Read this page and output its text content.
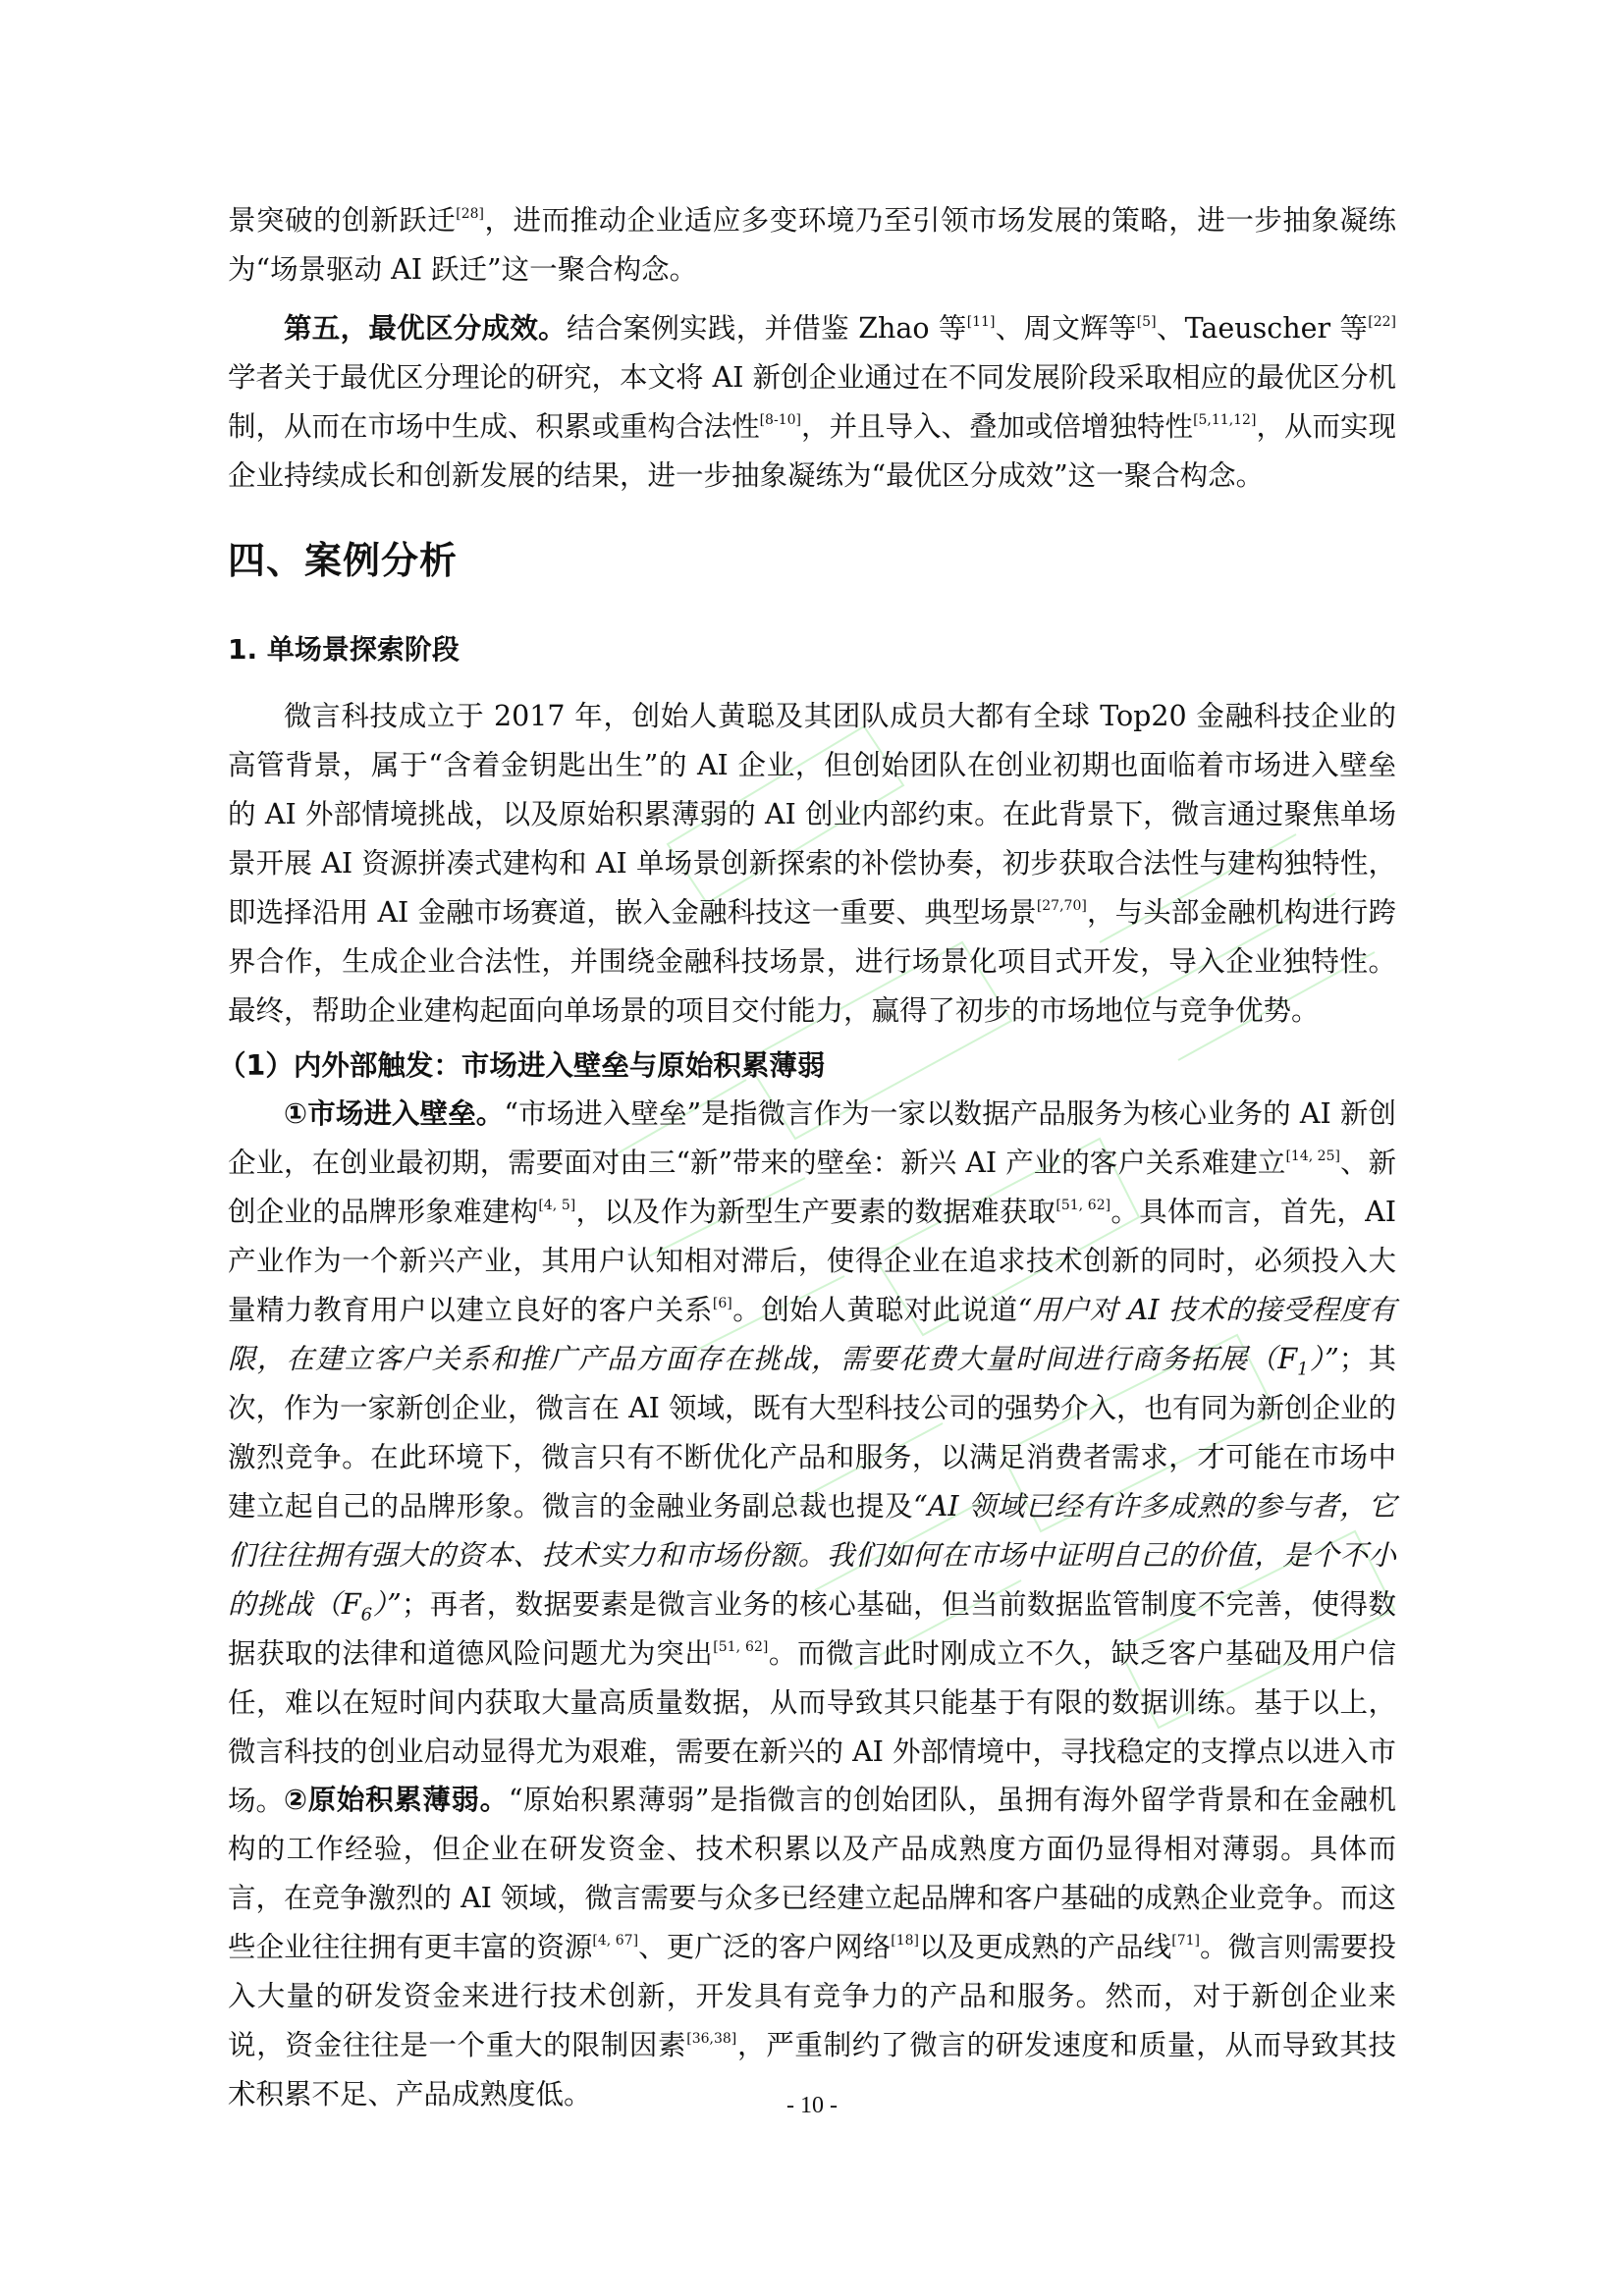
景突破的创新跃迁[28]，进而推动企业适应多变环境乃至引领市场发展的策略，进一步抽象凝练为“场景驱动 AI 跃迁”这一聚合构念。

第五，最优区分成效。结合案例实践，并借鉴 Zhao 等[11]、周文辉等[5]、Taeuscher 等[22]学者关于最优区分理论的研究，本文将 AI 新创企业通过在不同发展阶段采取相应的最优区分机制，从而在市场中生成、积累或重构合法性[8-10]，并且导入、叠加或倍增独特性[5,11,12]，从而实现企业持续成长和创新发展的结果，进一步抽象凝练为“最优区分成效”这一聚合构念。

四、案例分析
1. 单场景探索阶段

微言科技成立于 2017 年，创始人黄聪及其团队成员大都有全球 Top20 金融科技企业的高管背景，属于“含着金钥匙出生”的 AI 企业，但创始团队在创业初期也面临着市场进入壁垒的 AI 外部情境挑战，以及原始积累薄弱的 AI 创业内部约束。在此背景下，微言通过聚焦单场景开展 AI 资源拼凑式建构和 AI 单场景创新探索的补偿协奏，初步获取合法性与建构独特性，即选择沿用 AI 金融市场赛道，嵌入金融科技这一重要、典型场景[27,70]，与头部金融机构进行跨界合作，生成企业合法性，并围绕金融科技场景，进行场景化项目式开发，导入企业独特性。最终，帮助企业建构起面向单场景的项目交付能力，赢得了初步的市场地位与竞争优势。

（1）内外部触发：市场进入壁垒与原始积累薄弱

①市场进入壁垒。“市场进入壁垒”是指微言作为一家以数据产品服务为核心业务的 AI 新创企业，在创业最初期，需要面对由三“新”带来的壁垒：新兴 AI 产业的客户关系难建立[14, 25]、新创企业的品牌形象难建构[4, 5]，以及作为新型生产要素的数据难获取[51, 62]。具体而言，首先，AI 产业作为一个新兴产业，其用户认知相对滞后，使得企业在追求技术创新的同时，必须投入大量精力教育用户以建立良好的客户关系[6]。创始人黄聪对此说道“用户对 AI 技术的接受程度有限，在建立客户关系和推广产品方面存在挑战，需要花费大量时间进行商务拓展$(F_1)$”；其次，作为一家新创企业，微言在 AI 领域，既有大型科技公司的强势介入，也有同为新创企业的激烈竞争。在此环境下，微言只有不断优化产品和服务，以满足消费者需求，才可能在市场中建立起自己的品牌形象。微言的金融业务副总裁也提及“AI 领域已经有许多成熟的参与者，它们往往拥有强大的资本、技术实力和市场份额。我们如何在市场中证明自己的价值，是个不小的挑战$(F_6)$”；再者，数据要素是微言业务的核心基础，但当前数据监管制度不完善，使得数据获取的法律和道德风险问题尤为突出[51, 62]。而微言此时刚成立不久，缺乏客户基础及用户信任，难以在短时间内获取大量高质量数据，从而导致其只能基于有限的数据训练。基于以上，微言科技的创业启动显得尤为艰难，需要在新兴的 AI 外部情境中，寻找稳定的支撑点以进入市场。 ②原始积累薄弱。“原始积累薄弱”是指微言的创始团队，虽拥有海外留学背景和在金融机构的工作经验，但企业在研发资金、技术积累以及产品成熟度方面仍显得相对薄弱。具体而言，在竞争激烈的 AI 领域，微言需要与众多已经建立起品牌和客户基础的成熟企业竞争。而这些企业往往拥有更丰富的资源[4, 67]、更广泛的客户网络[18]以及更成熟的产品线[71]。微言则需要投入大量的研发资金来进行技术创新，开发具有竞争力的产品和服务。然而，对于新创企业来说，资金往往是一个重大的限制因素[36,38]，严重制约了微言的研发速度和质量，从而导致其技术积累不足、产品成熟度低。	- 10 -
